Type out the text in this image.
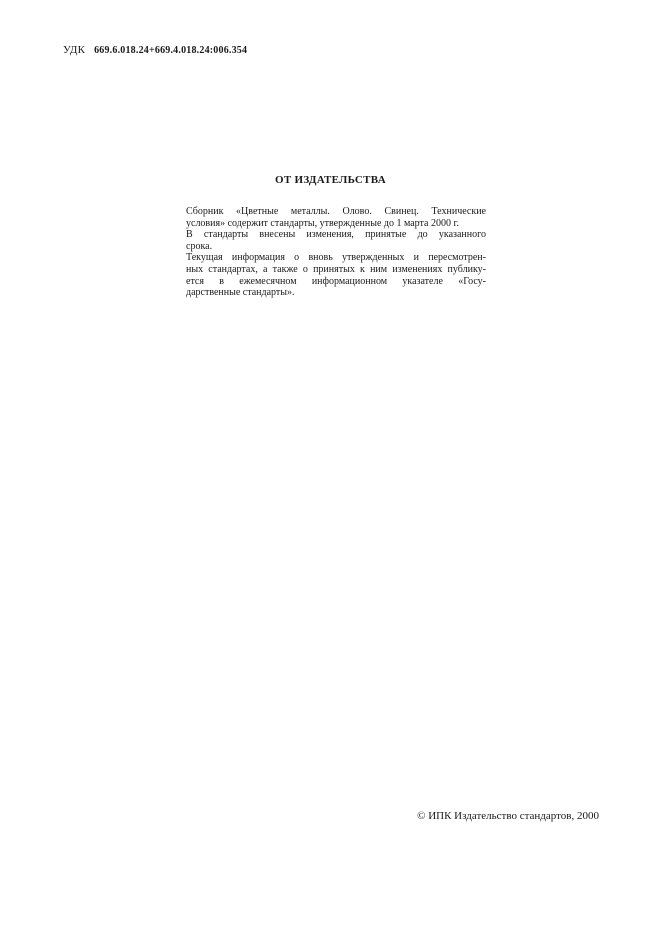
УДК 669.6.018.24+669.4.018.24:006.354
ОТ ИЗДАТЕЛЬСТВА

Сборник «Цветные металлы. Олово. Свинец. Технические
условия» содержит стандарты, утвержденные до 1 марта 2000 г.

В стандарты внесены изменения, принятые до указанного
срока.

Текущая информация о вновь утвержденных и пересмотрен-
ных стандартах, а также о принятых к ним изменениях публику-
ется в ежемесячном информационном указателе «Госу-
дарственные стандарты».

© ИПК Издательство стандартов, 2000
